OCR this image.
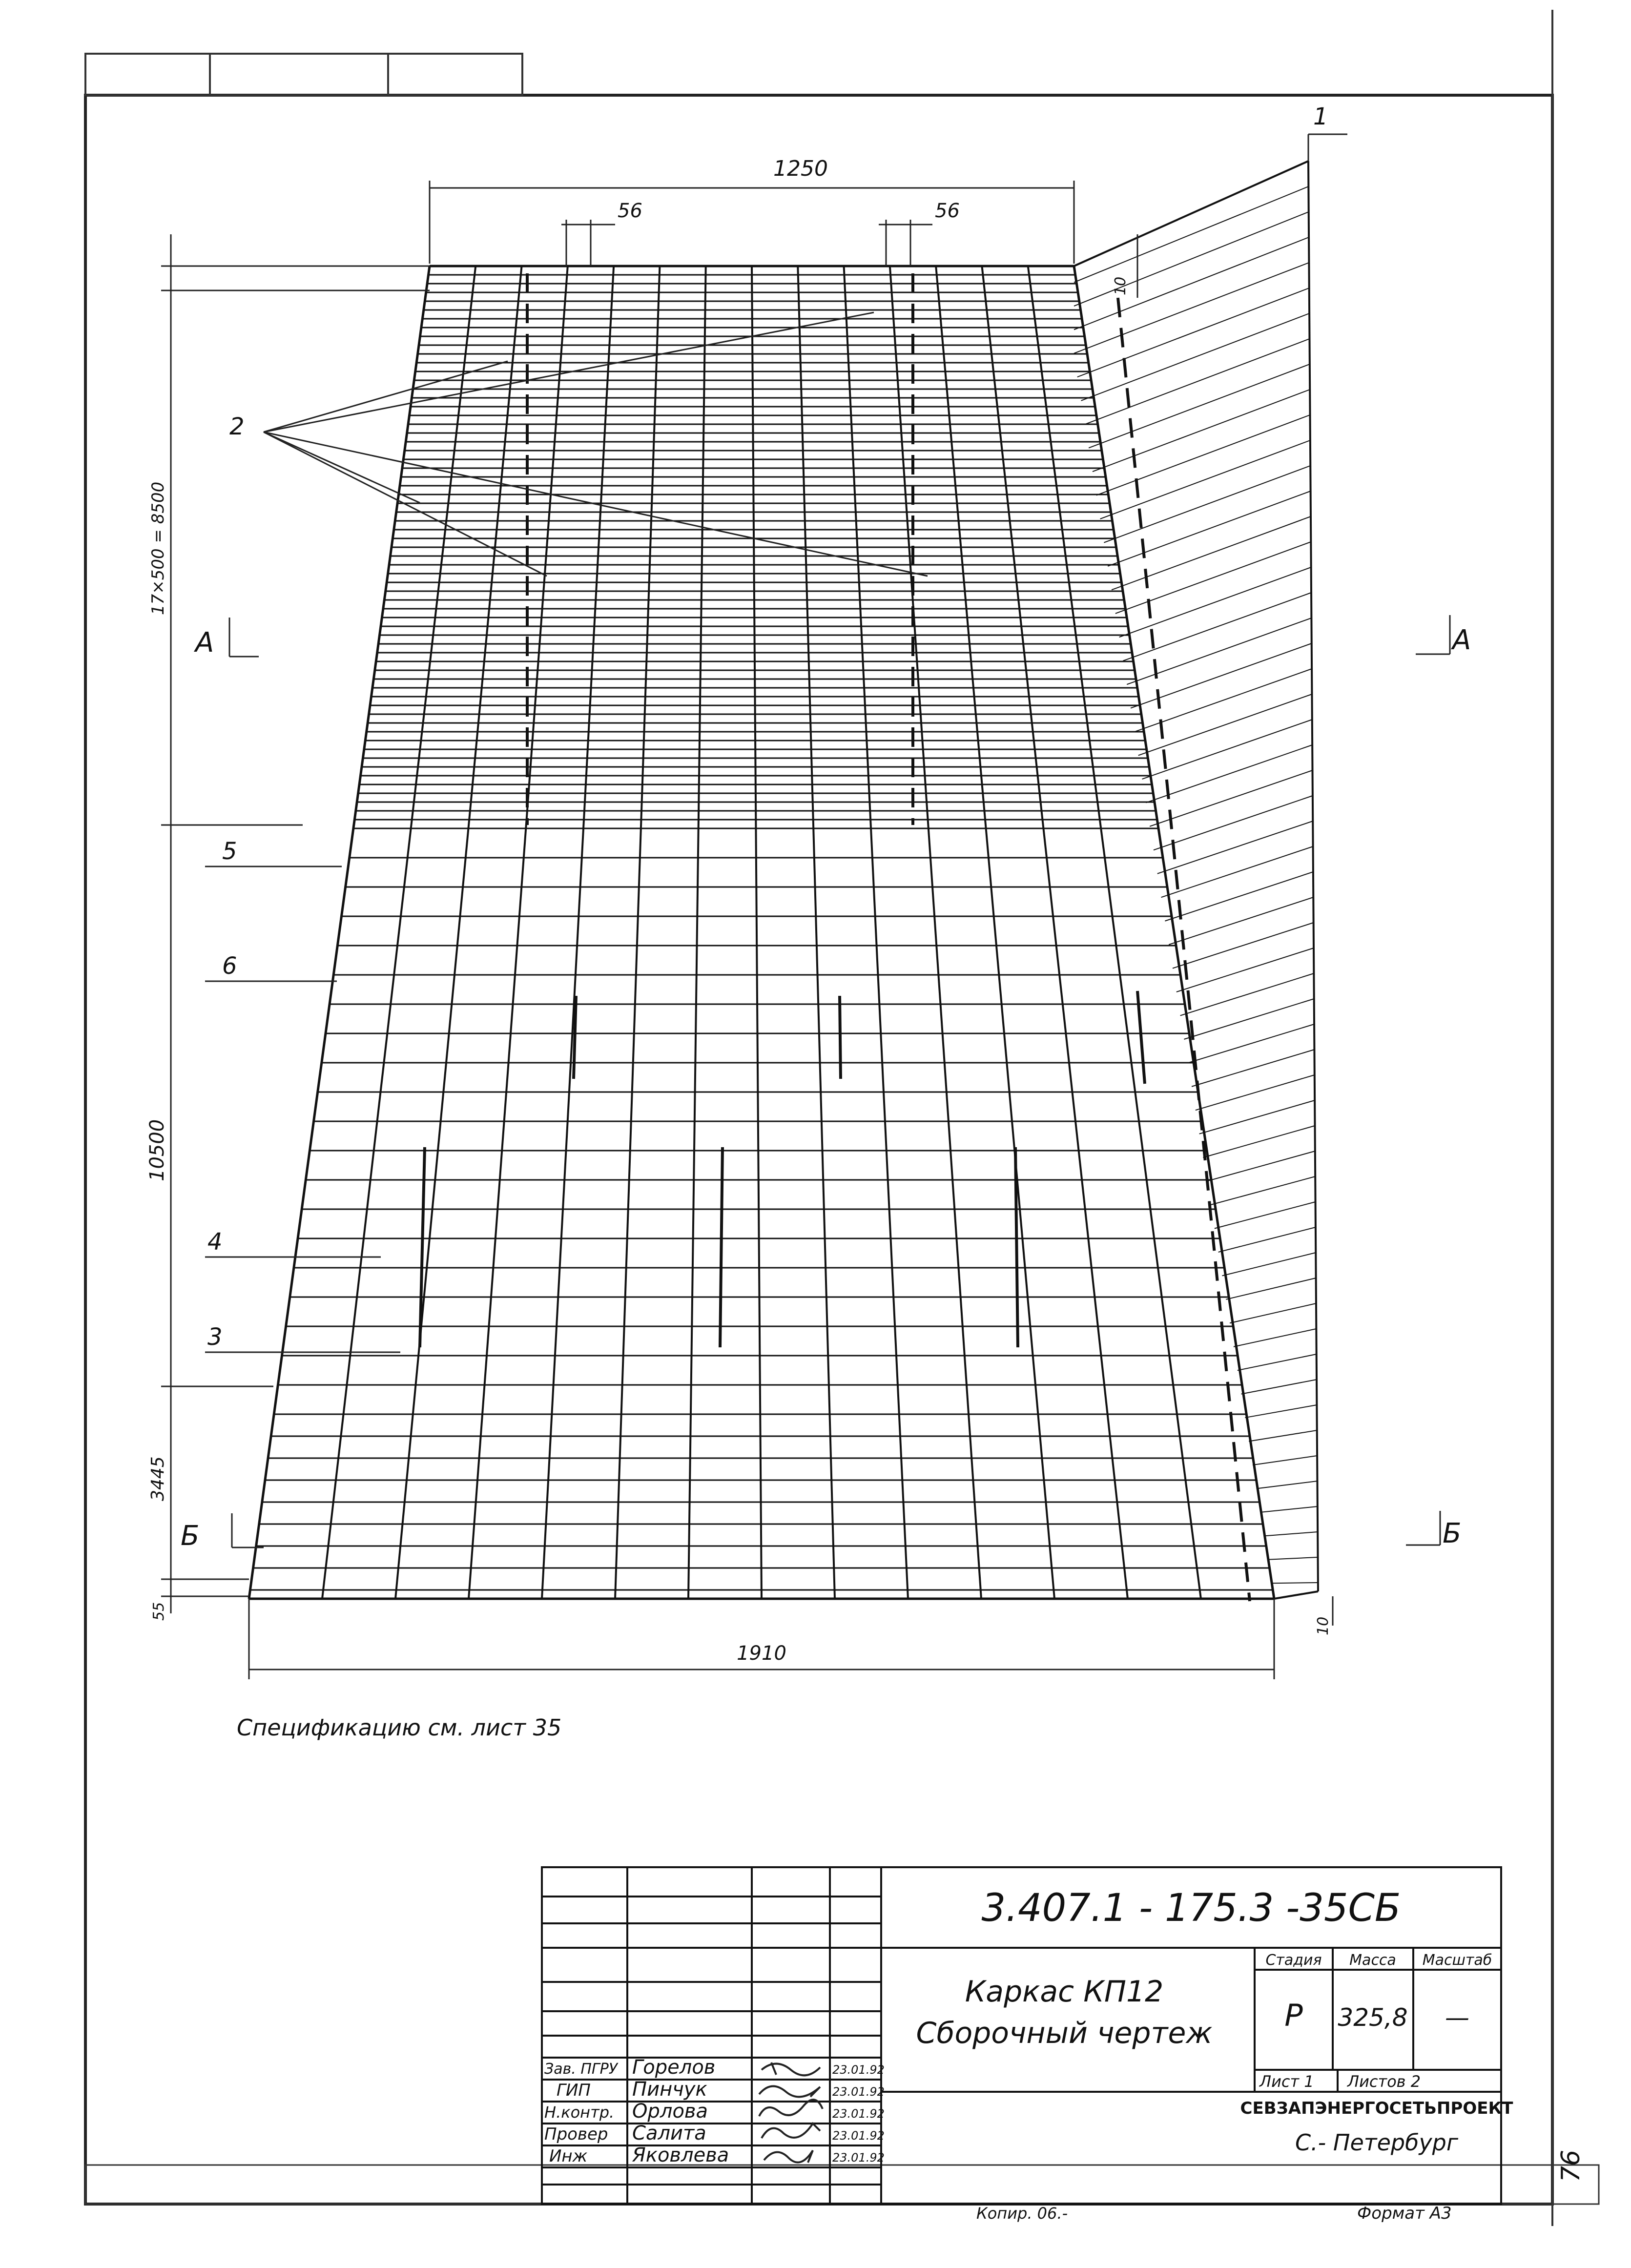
1250
56	56
10
17×500 = 8500
10500
3445
55
1910
10
1
2
3
4
5
6
А	А
Б	Б
Спецификацию см. лист 35
3.407.1 - 175.3 -35СБ
Каркас КП12
Сборочный чертеж
Стадия Масса Масштаб
Р 325,8 —
Лист 1 Листов 2
СЕВЗАПЭНЕРГОСЕТЬПРОЕКТ
С.- Петербург
Зав. ПГРУ Горелов	23.01.92
ГИП Пинчук	23.01.92
Н.контр. Орлова	23.01.92
Провер Салита	23.01.92
Инж Яковлева	23.01.92
Копир. 06.-	Формат А3
76
